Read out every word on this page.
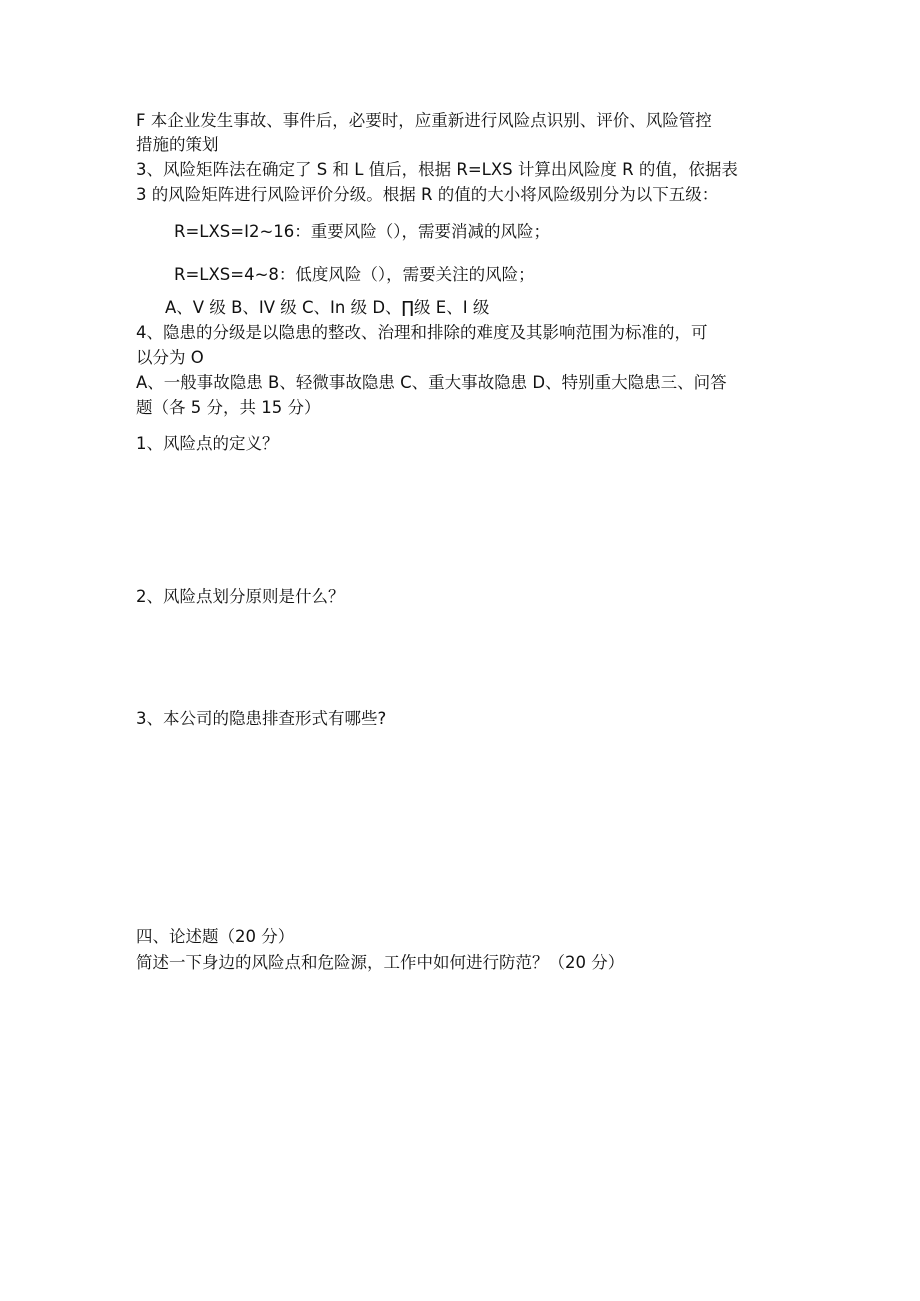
F 本企业发生事故、事件后，必要时，应重新进行风险点识别、评价、风险管控

措施的策划

3、风险矩阵法在确定了 S 和 L 值后，根据 R=LXS 计算出风险度 R 的值，依据表

3 的风险矩阵进行风险评价分级。根据 R 的值的大小将风险级别分为以下五级：

R=LXS=I2~16：重要风险（），需要消减的风险；

R=LXS=4~8：低度风险（），需要关注的风险；

A、V 级 B、IV 级 C、In 级 D、∏级 E、I 级

4、隐患的分级是以隐患的整改、治理和排除的难度及其影响范围为标准的，可

以分为 O

A、一般事故隐患 B、轻微事故隐患 C、重大事故隐患 D、特别重大隐患三、问答

题（各 5 分，共 15 分）

1、风险点的定义？

2、风险点划分原则是什么？

3、本公司的隐患排查形式有哪些?

四、论述题（20 分）

简述一下身边的风险点和危险源，工作中如何进行防范？（20 分）
